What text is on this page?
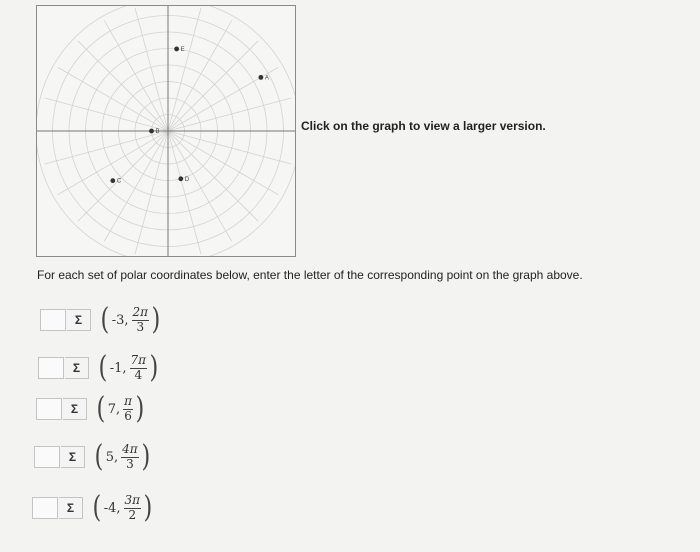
A
B
C	D
E
Click on the graph to view a larger version.
For each set of polar coordinates below, enter the letter of the corresponding point on the graph above.
Σ ( -3, $\frac{2\pi}{3}$ )
Σ ( -1, $\frac{7\pi}{4}$ )
Σ ( 7, $\frac{\pi}{6}$ )
Σ ( 5, $\frac{4\pi}{3}$ )
Σ ( -4, $\frac{3\pi}{2}$ )
